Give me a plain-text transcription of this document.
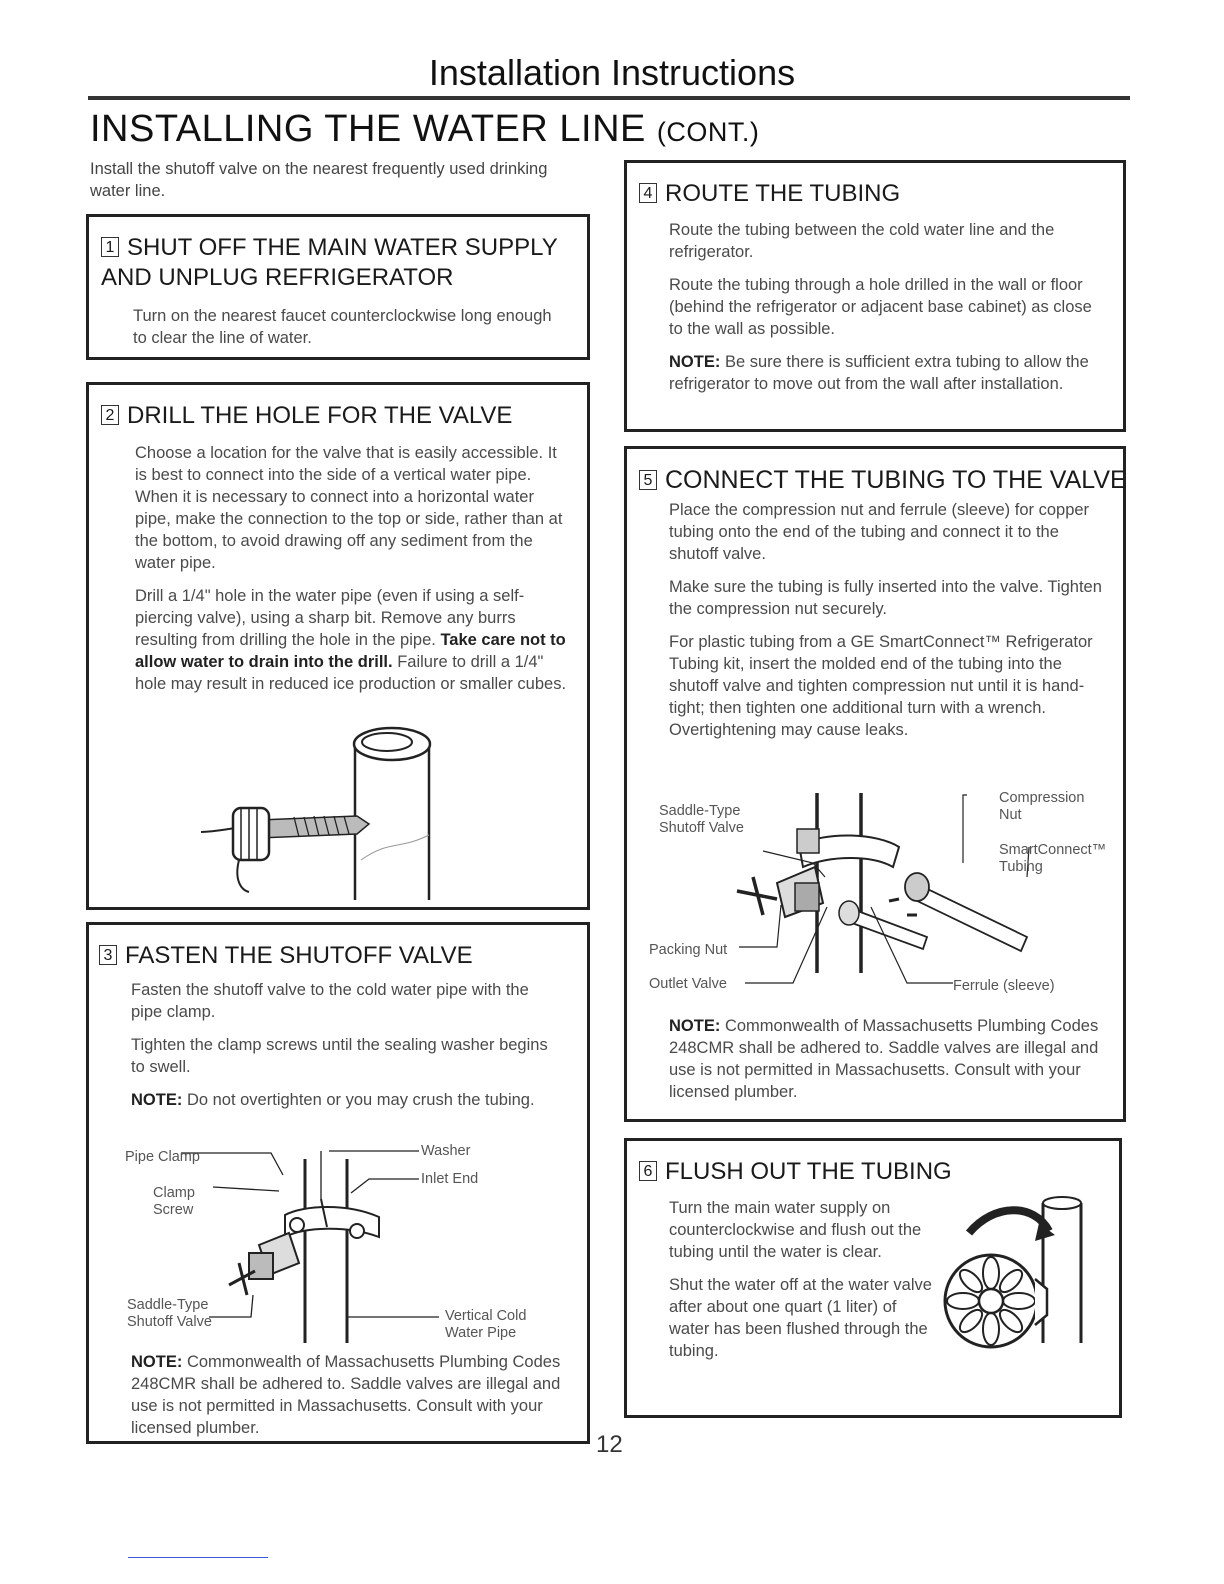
Installation Instructions
INSTALLING THE WATER LINE (CONT.)
Install the shutoff valve on the nearest frequently used drinking water line.
1 SHUT OFF THE MAIN WATER SUPPLY
AND UNPLUG REFRIGERATOR
Turn on the nearest faucet counterclockwise long enough to clear the line of water.
2 DRILL THE HOLE FOR THE VALVE

Choose a location for the valve that is easily accessible. It is best to connect into the side of a vertical water pipe. When it is necessary to connect into a horizontal water pipe, make the connection to the top or side, rather than at the bottom, to avoid drawing off any sediment from the water pipe.

Drill a 1/4" hole in the water pipe (even if using a self-piercing valve), using a sharp bit. Remove any burrs resulting from drilling the hole in the pipe. Take care not to allow water to drain into the drill. Failure to drill a 1/4" hole may result in reduced ice production or smaller cubes.

3 FASTEN THE SHUTOFF VALVE

Fasten the shutoff valve to the cold water pipe with the pipe clamp.

Tighten the clamp screws until the sealing washer begins to swell.

NOTE: Do not overtighten or you may crush the tubing.

Pipe Clamp
Clamp
Screw
Washer
Inlet End
Saddle-Type
Shutoff Valve	Vertical Cold
Water Pipe
NOTE: Commonwealth of Massachusetts Plumbing Codes 248CMR shall be adhered to. Saddle valves are illegal and use is not permitted in Massachusetts. Consult with your licensed plumber.
4 ROUTE THE TUBING

Route the tubing between the cold water line and the refrigerator.

Route the tubing through a hole drilled in the wall or floor (behind the refrigerator or adjacent base cabinet) as close to the wall as possible.

NOTE: Be sure there is sufficient extra tubing to allow the refrigerator to move out from the wall after installation.

5 CONNECT THE TUBING TO THE VALVE

Place the compression nut and ferrule (sleeve) for copper tubing onto the end of the tubing and connect it to the shutoff valve.

Make sure the tubing is fully inserted into the valve. Tighten the compression nut securely.

For plastic tubing from a GE SmartConnect™ Refrigerator Tubing kit, insert the molded end of the tubing into the shutoff valve and tighten compression nut until it is hand-tight; then tighten one additional turn with a wrench. Overtightening may cause leaks.

Saddle-Type
Shutoff Valve
Compression
Nut
SmartConnect™
Tubing
Packing Nut
Outlet Valve	Ferrule (sleeve)
NOTE: Commonwealth of Massachusetts Plumbing Codes 248CMR shall be adhered to. Saddle valves are illegal and use is not permitted in Massachusetts. Consult with your licensed plumber.
6 FLUSH OUT THE TUBING

Turn the main water supply on counterclockwise and flush out the tubing until the water is clear.

Shut the water off at the water valve after about one quart (1 liter) of water has been flushed through the tubing.

12
